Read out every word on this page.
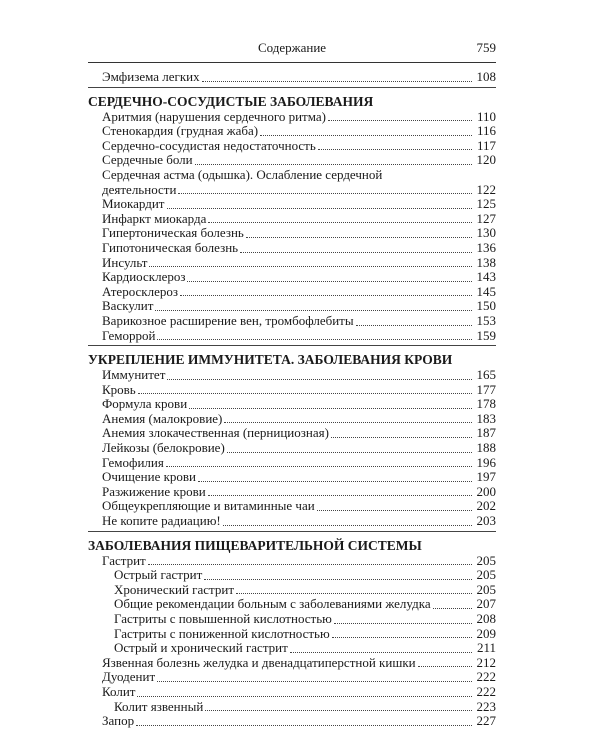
Содержание	759
Эмфизема легких	108
СЕРДЕЧНО-СОСУДИСТЫЕ ЗАБОЛЕВАНИЯ
Аритмия (нарушения сердечного ритма)	110
Стенокардия (грудная жаба)	116
Сердечно-сосудистая недостаточность	117
Сердечные боли	120
Сердечная астма (одышка). Ослабление сердечной
деятельности	122
Миокардит	125
Инфаркт миокарда	127
Гипертоническая болезнь	130
Гипотоническая болезнь	136
Инсульт	138
Кардиосклероз	143
Атеросклероз	145
Васкулит	150
Варикозное расширение вен, тромбофлебиты	153
Геморрой	159
УКРЕПЛЕНИЕ ИММУНИТЕТА. ЗАБОЛЕВАНИЯ КРОВИ
Иммунитет	165
Кровь	177
Формула крови	178
Анемия (малокровие)	183
Анемия злокачественная (пернициозная)	187
Лейкозы (белокровие)	188
Гемофилия	196
Очищение крови	197
Разжижение крови	200
Общеукрепляющие и витаминные чаи	202
Не копите радиацию!	203
ЗАБОЛЕВАНИЯ ПИЩЕВАРИТЕЛЬНОЙ СИСТЕМЫ
Гастрит	205
Острый гастрит	205
Хронический гастрит	205
Общие рекомендации больным с заболеваниями желудка	207
Гастриты с повышенной кислотностью	208
Гастриты с пониженной кислотностью	209
Острый и хронический гастрит	211
Язвенная болезнь желудка и двенадцатиперстной кишки	212
Дуоденит	222
Колит	222
Колит язвенный	223
Запор	227
